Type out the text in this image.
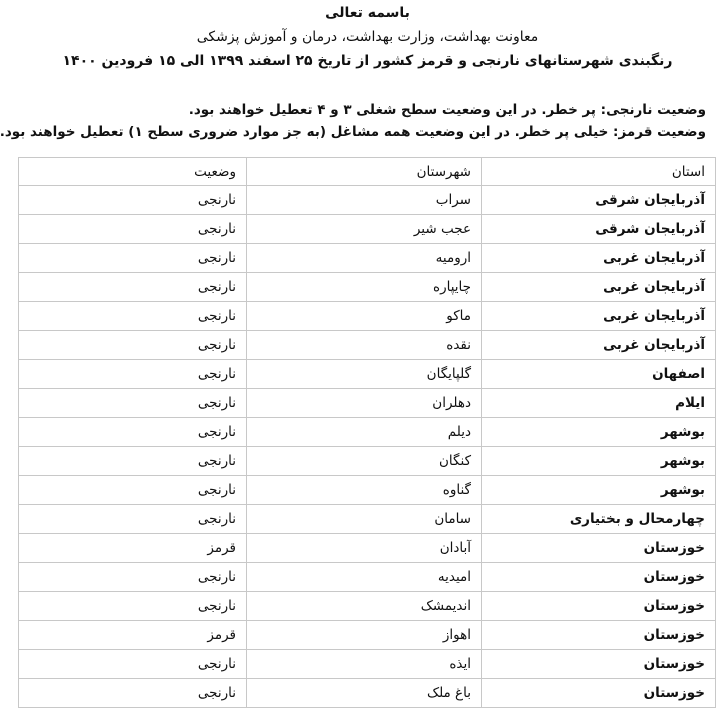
باسمه تعالی
معاونت بهداشت، وزارت بهداشت، درمان و آموزش پزشکی
رنگبندی شهرستانهای نارنجی و قرمز کشور از تاریخ ۲۵ اسفند ۱۳۹۹ الی ۱۵ فرودین ۱۴۰۰
وضعیت نارنجی: پر خطر. در این وضعیت سطح شغلی ۳ و ۴ تعطیل خواهند بود.
وضعیت قرمز: خیلی پر خطر. در این وضعیت همه مشاغل (به جز موارد ضروری سطح ۱) تعطیل خواهند بود.
استان	شهرستان	وضعیت
آذربایجان شرقی	سراب	نارنجی
آذربایجان شرقی	عجب شیر	نارنجی
آذربایجان غربی	ارومیه	نارنجی
آذربایجان غربی	چایپاره	نارنجی
آذربایجان غربی	ماکو	نارنجی
آذربایجان غربی	نقده	نارنجی
اصفهان	گلپایگان	نارنجی
ایلام	دهلران	نارنجی
بوشهر	دیلم	نارنجی
بوشهر	کنگان	نارنجی
بوشهر	گناوه	نارنجی
چهارمحال و بختیاری	سامان	نارنجی
خوزستان	آبادان	قرمز
خوزستان	امیدیه	نارنجی
خوزستان	اندیمشک	نارنجی
خوزستان	اهواز	قرمز
خوزستان	ایذه	نارنجی
خوزستان	باغ ملک	نارنجی
